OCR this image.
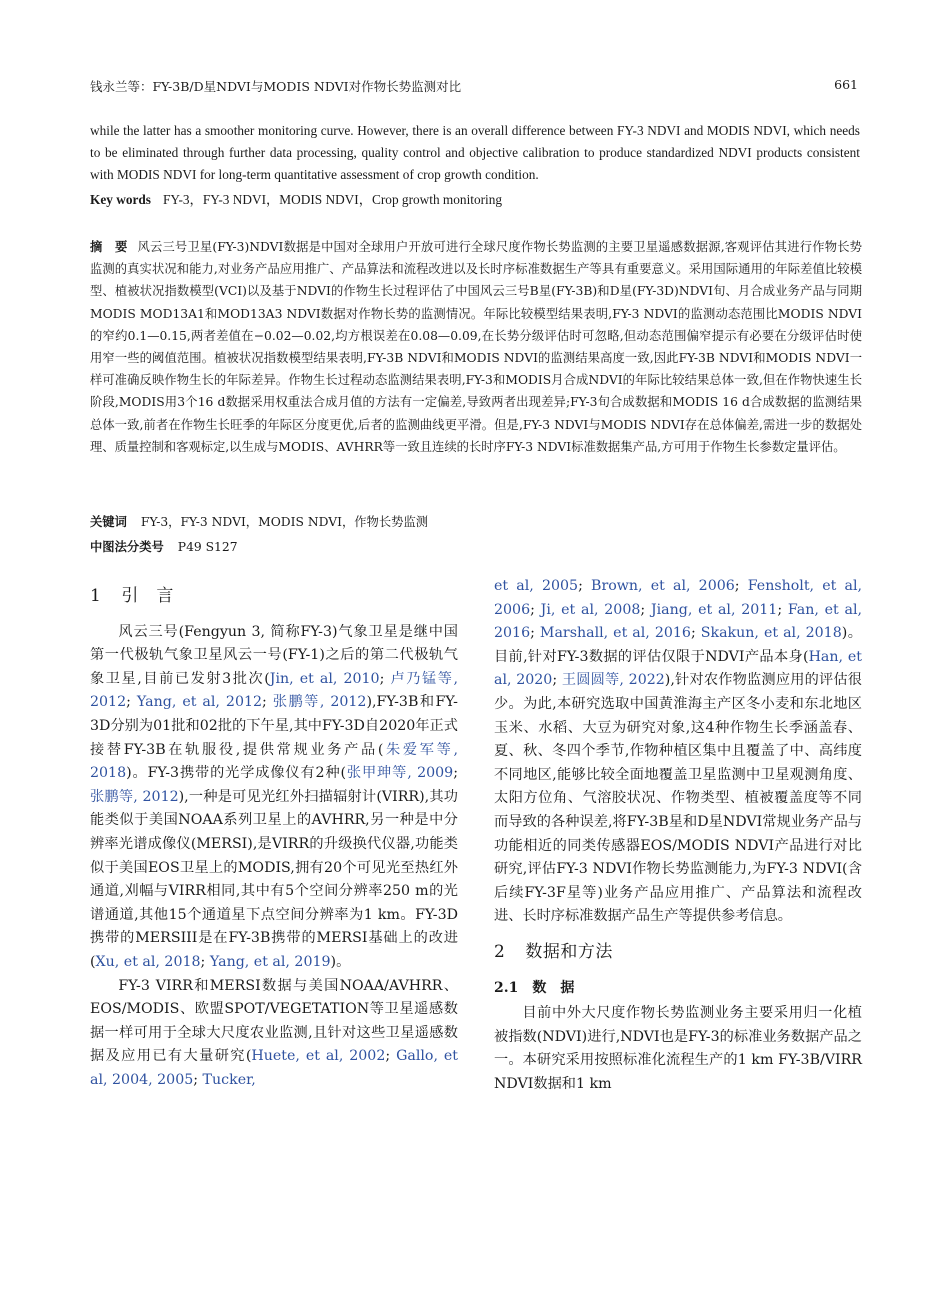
钱永兰等：FY-3B/D星NDVI与MODIS NDVI对作物长势监测对比	661

while the latter has a smoother monitoring curve. However, there is an overall difference between FY-3 NDVI and MODIS NDVI, which needs to be eliminated through further data processing, quality control and objective calibration to produce standardized NDVI products consistent with MODIS NDVI for long-term quantitative assessment of crop growth condition.

Key words FY-3，FY-3 NDVI，MODIS NDVI，Crop growth monitoring

摘　要 风云三号卫星(FY-3)NDVI数据是中国对全球用户开放可进行全球尺度作物长势监测的主要卫星遥感数据源,客观评估其进行作物长势监测的真实状况和能力,对业务产品应用推广、产品算法和流程改进以及长时序标准数据生产等具有重要意义。采用国际通用的年际差值比较模型、植被状况指数模型(VCI)以及基于NDVI的作物生长过程评估了中国风云三号B星(FY-3B)和D星(FY-3D)NDVI旬、月合成业务产品与同期MODIS MOD13A1和MOD13A3 NDVI数据对作物长势的监测情况。年际比较模型结果表明,FY-3 NDVI的监测动态范围比MODIS NDVI的窄约0.1—0.15,两者差值在−0.02—0.02,均方根误差在0.08—0.09,在长势分级评估时可忽略,但动态范围偏窄提示有必要在分级评估时使用窄一些的阈值范围。植被状况指数模型结果表明,FY-3B NDVI和MODIS NDVI的监测结果高度一致,因此FY-3B NDVI和MODIS NDVI一样可准确反映作物生长的年际差异。作物生长过程动态监测结果表明,FY-3和MODIS月合成NDVI的年际比较结果总体一致,但在作物快速生长阶段,MODIS用3个16 d数据采用权重法合成月值的方法有一定偏差,导致两者出现差异;FY-3旬合成数据和MODIS 16 d合成数据的监测结果总体一致,前者在作物生长旺季的年际区分度更优,后者的监测曲线更平滑。但是,FY-3 NDVI与MODIS NDVI存在总体偏差,需进一步的数据处理、质量控制和客观标定,以生成与MODIS、AVHRR等一致且连续的长时序FY-3 NDVI标准数据集产品,方可用于作物生长参数定量评估。

关键词 FY-3，FY-3 NDVI，MODIS NDVI，作物长势监测
中图法分类号 P49 S127
1 引　言

风云三号(Fengyun 3, 简称FY-3)气象卫星是继中国第一代极轨气象卫星风云一号(FY-1)之后的第二代极轨气象卫星,目前已发射3批次(Jin, et al, 2010; 卢乃锰等, 2012; Yang, et al, 2012; 张鹏等, 2012),FY-3B和FY-3D分别为01批和02批的下午星,其中FY-3D自2020年正式接替FY-3B在轨服役,提供常规业务产品(朱爱军等, 2018)。FY-3携带的光学成像仪有2种(张甲珅等, 2009; 张鹏等, 2012),一种是可见光红外扫描辐射计(VIRR),其功能类似于美国NOAA系列卫星上的AVHRR,另一种是中分辨率光谱成像仪(MERSI),是VIRR的升级换代仪器,功能类似于美国EOS卫星上的MODIS,拥有20个可见光至热红外通道,刈幅与VIRR相同,其中有5个空间分辨率250 m的光谱通道,其他15个通道星下点空间分辨率为1 km。FY-3D携带的MERSIII是在FY-3B携带的MERSI基础上的改进(Xu, et al, 2018; Yang, et al, 2019)。

FY-3 VIRR和MERSI数据与美国NOAA/AVHRR、EOS/MODIS、欧盟SPOT/VEGETATION等卫星遥感数据一样可用于全球大尺度农业监测,且针对这些卫星遥感数据及应用已有大量研究(Huete, et al, 2002; Gallo, et al, 2004, 2005; Tucker,

et al, 2005; Brown, et al, 2006; Fensholt, et al, 2006; Ji, et al, 2008; Jiang, et al, 2011; Fan, et al, 2016; Marshall, et al, 2016; Skakun, et al, 2018)。目前,针对FY-3数据的评估仅限于NDVI产品本身(Han, et al, 2020; 王圆圆等, 2022),针对农作物监测应用的评估很少。为此,本研究选取中国黄淮海主产区冬小麦和东北地区玉米、水稻、大豆为研究对象,这4种作物生长季涵盖春、夏、秋、冬四个季节,作物种植区集中且覆盖了中、高纬度不同地区,能够比较全面地覆盖卫星监测中卫星观测角度、太阳方位角、气溶胶状况、作物类型、植被覆盖度等不同而导致的各种误差,将FY-3B星和D星NDVI常规业务产品与功能相近的同类传感器EOS/MODIS NDVI产品进行对比研究,评估FY-3 NDVI作物长势监测能力,为FY-3 NDVI(含后续FY-3F星等)业务产品应用推广、产品算法和流程改进、长时序标准数据产品生产等提供参考信息。

2 数据和方法
2.1 数　据

目前中外大尺度作物长势监测业务主要采用归一化植被指数(NDVI)进行,NDVI也是FY-3的标准业务数据产品之一。本研究采用按照标准化流程生产的1 km FY-3B/VIRR NDVI数据和1 km
